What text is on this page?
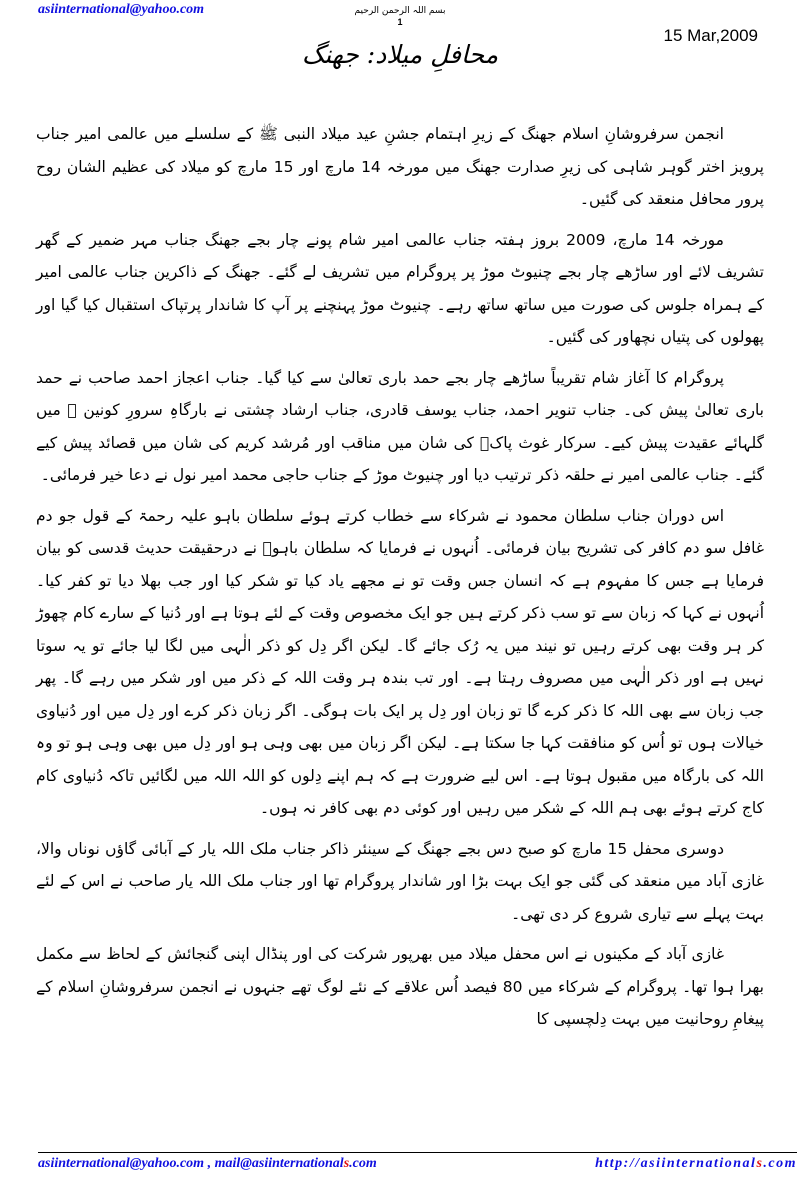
asiinternational@yahoo.com	بسم اللہ الرحمن الرحیم
1
15 Mar,2009
محافلِ میلاد: جھنگ

انجمن سرفروشانِ اسلام جھنگ کے زیرِ اہتمام جشنِ عید میلاد النبی ﷺ کے سلسلے میں عالمی امیر جناب پرویز اختر گوہر شاہی کی زیرِ صدارت جھنگ میں مورخہ 14 مارچ اور 15 مارچ کو میلاد کی عظیم الشان روح پرور محافل منعقد کی گئیں۔

مورخہ 14 مارچ، 2009 بروز ہفتہ جناب عالمی امیر شام پونے چار بجے جھنگ جناب مہر ضمیر کے گھر تشریف لائے اور ساڑھے چار بجے چنیوٹ موڑ پر پروگرام میں تشریف لے گئے۔ جھنگ کے ذاکرین جناب عالمی امیر کے ہمراہ جلوس کی صورت میں ساتھ ساتھ رہے۔ چنیوٹ موڑ پہنچنے پر آپ کا شاندار پرتپاک استقبال کیا گیا اور پھولوں کی پتیاں نچھاور کی گئیں۔

پروگرام کا آغاز شام تقریباً ساڑھے چار بجے حمد باری تعالیٰ سے کیا گیا۔ جناب اعجاز احمد صاحب نے حمد باری تعالیٰ پیش کی۔ جناب تنویر احمد، جناب یوسف قادری، جناب ارشاد چشتی نے بارگاہِ سرورِ کونین ﷺ میں گلہائے عقیدت پیش کیے۔ سرکار غوث پاکؓ کی شان میں مناقب اور مُرشد کریم کی شان میں قصائد پیش کیے گئے۔ جناب عالمی امیر نے حلقہ ذکر ترتیب دیا اور چنیوٹ موڑ کے جناب حاجی محمد امیر نول نے دعا خیر فرمائی۔

اس دوران جناب سلطان محمود نے شرکاء سے خطاب کرتے ہوئے سلطان باہو علیہ رحمۃ کے قول جو دم غافل سو دم کافر کی تشریح بیان فرمائی۔ اُنہوں نے فرمایا کہ سلطان باہوؒ نے درحقیقت حدیث قدسی کو بیان فرمایا ہے جس کا مفہوم ہے کہ انسان جس وقت تو نے مجھے یاد کیا تو شکر کیا اور جب بھلا دیا تو کفر کیا۔ اُنہوں نے کہا کہ زبان سے تو سب ذکر کرتے ہیں جو ایک مخصوص وقت کے لئے ہوتا ہے اور دُنیا کے سارے کام چھوڑ کر ہر وقت بھی کرتے رہیں تو نیند میں یہ رُک جائے گا۔ لیکن اگر دِل کو ذکر الٰہی میں لگا لیا جائے تو یہ سوتا نہیں ہے اور ذکر الٰہی میں مصروف رہتا ہے۔ اور تب بندہ ہر وقت اللہ کے ذکر میں اور شکر میں رہے گا۔ پھر جب زبان سے بھی اللہ کا ذکر کرے گا تو زبان اور دِل پر ایک بات ہوگی۔ اگر زبان ذکر کرے اور دِل میں اور دُنیاوی خیالات ہوں تو اُس کو منافقت کہا جا سکتا ہے۔ لیکن اگر زبان میں بھی وہی ہو اور دِل میں بھی وہی ہو تو وہ اللہ کی بارگاہ میں مقبول ہوتا ہے۔ اس لیے ضرورت ہے کہ ہم اپنے دِلوں کو اللہ اللہ میں لگائیں تاکہ دُنیاوی کام کاج کرتے ہوئے بھی ہم اللہ کے شکر میں رہیں اور کوئی دم بھی کافر نہ ہوں۔

دوسری محفل 15 مارچ کو صبح دس بجے جھنگ کے سینئر ذاکر جناب ملک اللہ یار کے آبائی گاؤں نوناں والا، غازی آباد میں منعقد کی گئی جو ایک بہت بڑا اور شاندار پروگرام تھا اور جناب ملک اللہ یار صاحب نے اس کے لئے بہت پہلے سے تیاری شروع کر دی تھی۔

غازی آباد کے مکینوں نے اس محفل میلاد میں بھرپور شرکت کی اور پنڈال اپنی گنجائش کے لحاظ سے مکمل بھرا ہوا تھا۔ پروگرام کے شرکاء میں 80 فیصد اُس علاقے کے نئے لوگ تھے جنہوں نے انجمن سرفروشانِ اسلام کے پیغامِ روحانیت میں بہت دِلچسپی کا

asiinternational@yahoo.com , mail@asiinternationals.com	http://asiinternationals.com
